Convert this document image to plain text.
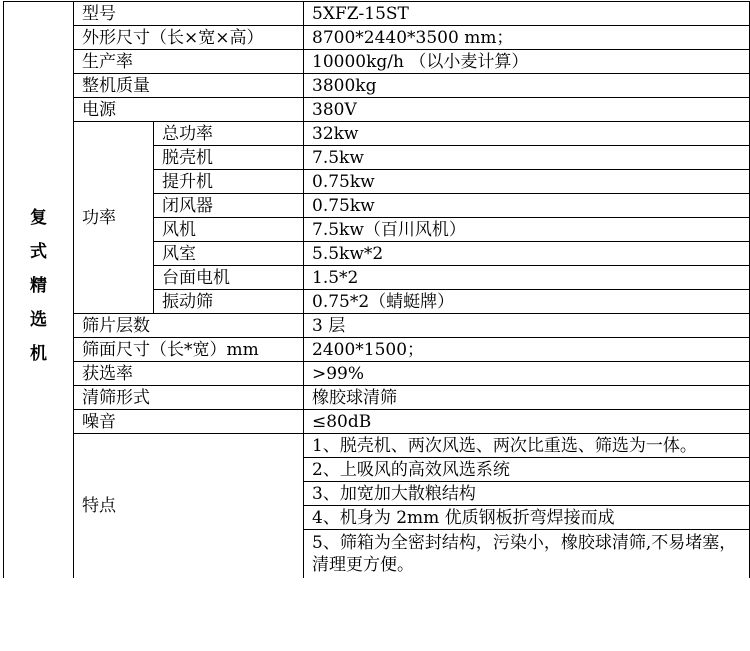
复
式
精
选
机	型号		5XFZ-15ST
	外形尺寸（长×宽×高）		8700*2440*3500 mm；
	生产率		10000kg/h （以小麦计算）
	整机质量		3800kg
	电源		380V
	功率	总功率	32kw
		脱壳机	7.5kw
		提升机	0.75kw
		闭风器	0.75kw
		风机	7.5kw（百川风机）
		风室	5.5kw*2
		台面电机	1.5*2
		振动筛	0.75*2（蜻蜓牌）
	筛片层数		3 层
	筛面尺寸（长*宽）mm		2400*1500；
	获选率		>99%
	清筛形式		橡胶球清筛
	噪音		≤80dB
	特点		1、脱壳机、两次风选、两次比重选、筛选为一体。
			2、上吸风的高效风选系统
			3、加宽加大散粮结构
			4、机身为 2mm 优质钢板折弯焊接而成
			5、筛箱为全密封结构，污染小，橡胶球清筛,不易堵塞，清理更方便。
